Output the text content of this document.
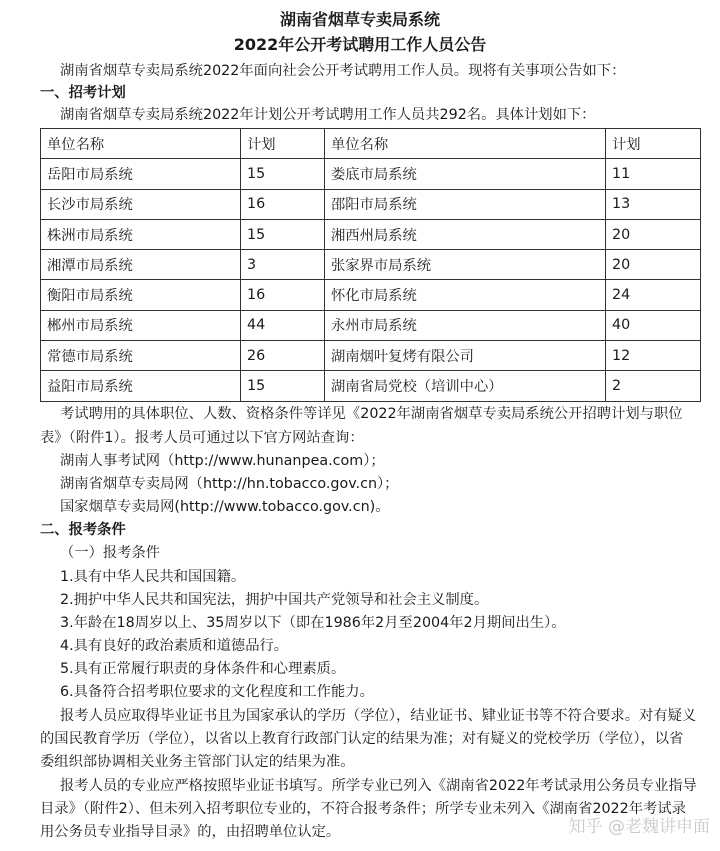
湖南省烟草专卖局系统
2022年公开考试聘用工作人员公告
湖南省烟草专卖局系统2022年面向社会公开考试聘用工作人员。现将有关事项公告如下：
一、招考计划
湖南省烟草专卖局系统2022年计划公开考试聘用工作人员共292名。具体计划如下：
单位名称	计划	单位名称	计划
岳阳市局系统	15	娄底市局系统	11
长沙市局系统	16	邵阳市局系统	13
株洲市局系统	15	湘西州局系统	20
湘潭市局系统	3	张家界市局系统	20
衡阳市局系统	16	怀化市局系统	24
郴州市局系统	44	永州市局系统	40
常德市局系统	26	湖南烟叶复烤有限公司	12
益阳市局系统	15	湖南省局党校（培训中心）	2
考试聘用的具体职位、人数、资格条件等详见《2022年湖南省烟草专卖局系统公开招聘计划与职位
表》（附件1）。报考人员可通过以下官方网站查询：
湖南人事考试网（http://www.hunanpea.com）；
湖南省烟草专卖局网（http://hn.tobacco.gov.cn）；
国家烟草专卖局网(http://www.tobacco.gov.cn)。
二、报考条件
（一）报考条件
1.具有中华人民共和国国籍。
2.拥护中华人民共和国宪法，拥护中国共产党领导和社会主义制度。
3.年龄在18周岁以上、35周岁以下（即在1986年2月至2004年2月期间出生）。
4.具有良好的政治素质和道德品行。
5.具有正常履行职责的身体条件和心理素质。
6.具备符合招考职位要求的文化程度和工作能力。
报考人员应取得毕业证书且为国家承认的学历（学位），结业证书、肄业证书等不符合要求。对有疑义
的国民教育学历（学位），以省以上教育行政部门认定的结果为准；对有疑义的党校学历（学位），以省
委组织部协调相关业务主管部门认定的结果为准。
报考人员的专业应严格按照毕业证书填写。所学专业已列入《湖南省2022年考试录用公务员专业指导
目录》（附件2）、但未列入招考职位专业的，不符合报考条件；所学专业未列入《湖南省2022年考试录
用公务员专业指导目录》的，由招聘单位认定。	知乎 @老魏讲申面
